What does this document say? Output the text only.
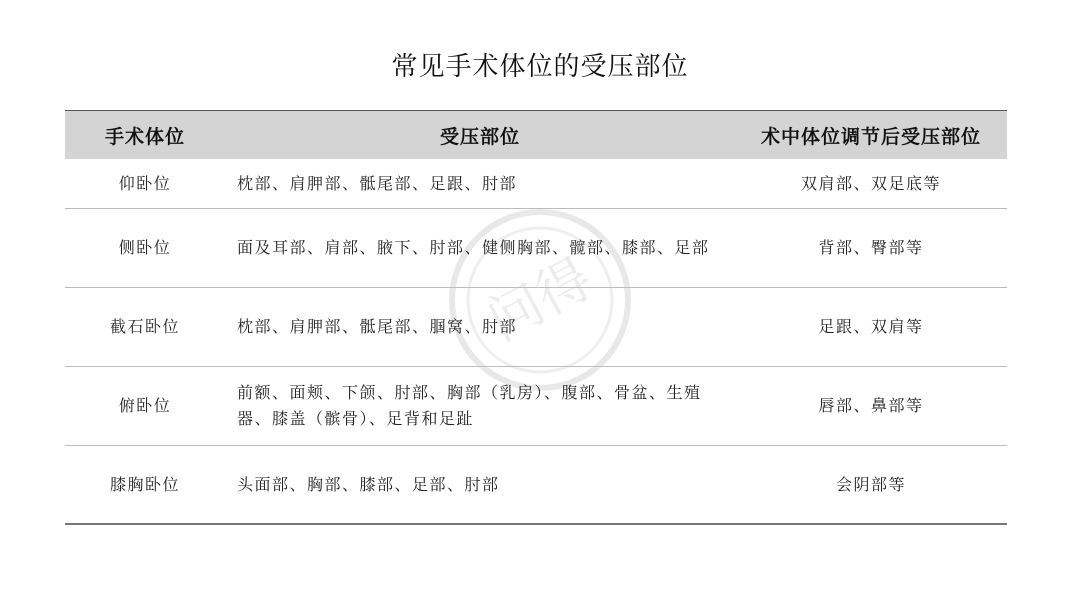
常见手术体位的受压部位
问得
手术体位	受压部位	术中体位调节后受压部位
仰卧位	枕部、肩胛部、骶尾部、足跟、肘部	双肩部、双足底等
侧卧位	面及耳部、肩部、腋下、肘部、健侧胸部、髋部、膝部、足部	背部、臀部等
截石卧位	枕部、肩胛部、骶尾部、腘窝、肘部	足跟、双肩等
俯卧位	前额、面颊、下颌、肘部、胸部（乳房）、腹部、骨盆、生殖器、膝盖（髌骨）、足背和足趾	唇部、鼻部等
膝胸卧位	头面部、胸部、膝部、足部、肘部	会阴部等
